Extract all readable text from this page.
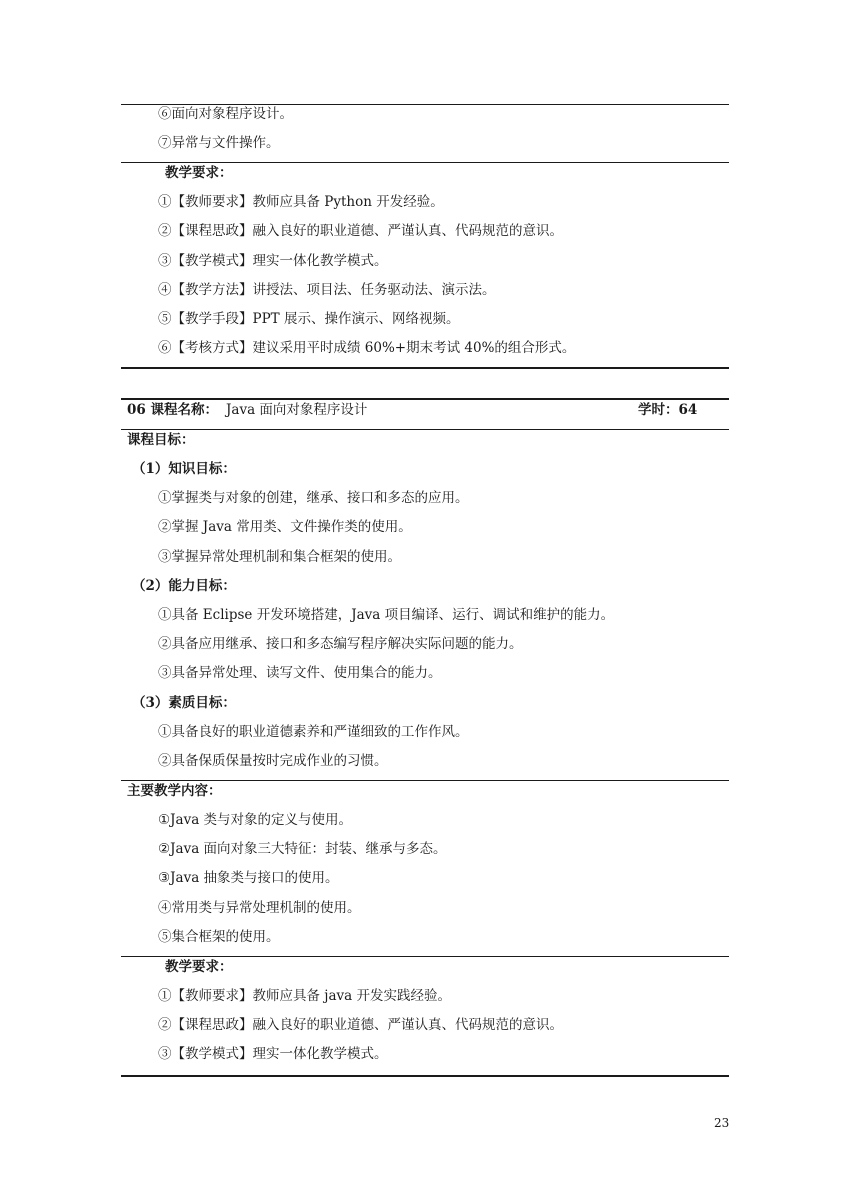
⑥面向对象程序设计。
⑦异常与文件操作。
教学要求：
①【教师要求】教师应具备 Python 开发经验。
②【课程思政】融入良好的职业道德、严谨认真、代码规范的意识。
③【教学模式】理实一体化教学模式。
④【教学方法】讲授法、项目法、任务驱动法、演示法。
⑤【教学手段】PPT 展示、操作演示、网络视频。
⑥【考核方式】建议采用平时成绩 60%+期末考试 40%的组合形式。
06 课程名称： Java 面向对象程序设计	学时：64
课程目标：
（1）知识目标：
①掌握类与对象的创建，继承、接口和多态的应用。
②掌握 Java 常用类、文件操作类的使用。
③掌握异常处理机制和集合框架的使用。
（2）能力目标：
①具备 Eclipse 开发环境搭建，Java 项目编译、运行、调试和维护的能力。
②具备应用继承、接口和多态编写程序解决实际问题的能力。
③具备异常处理、读写文件、使用集合的能力。
（3）素质目标：
①具备良好的职业道德素养和严谨细致的工作作风。
②具备保质保量按时完成作业的习惯。
主要教学内容：
①Java 类与对象的定义与使用。
②Java 面向对象三大特征：封装、继承与多态。
③Java 抽象类与接口的使用。
④常用类与异常处理机制的使用。
⑤集合框架的使用。
教学要求：
①【教师要求】教师应具备 java 开发实践经验。
②【课程思政】融入良好的职业道德、严谨认真、代码规范的意识。
③【教学模式】理实一体化教学模式。
23
